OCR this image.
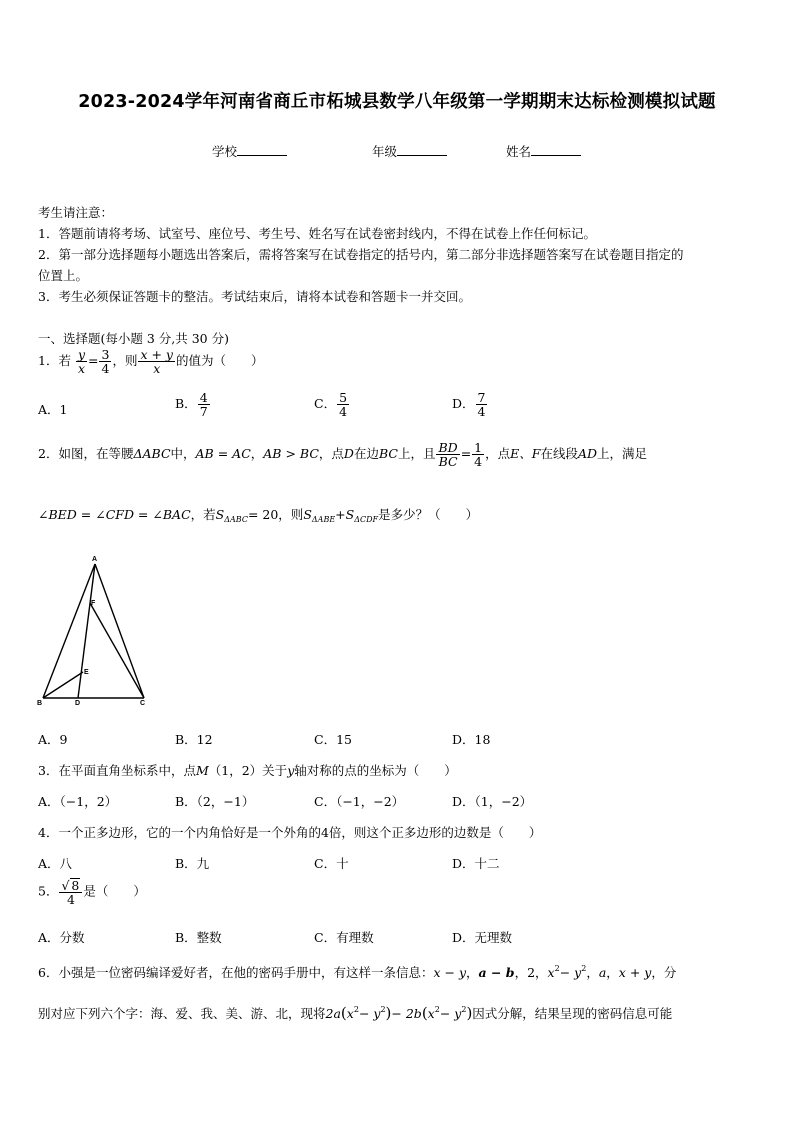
2023-2024学年河南省商丘市柘城县数学八年级第一学期期末达标检测模拟试题
学校	年级	姓名
考生请注意：
1．答题前请将考场、试室号、座位号、考生号、姓名写在试卷密封线内，不得在试卷上作任何标记。
2．第一部分选择题每小题选出答案后，需将答案写在试卷指定的括号内，第二部分非选择题答案写在试卷题目指定的
位置上。
3．考生必须保证答题卡的整洁。考试结束后，请将本试卷和答题卡一并交回。
一、选择题(每小题 3 分,共 30 分)
1．若 $\frac{y}{x} = \frac{3}{4}$ ，则 $\frac{x + y}{x}$ 的值为（　　）
A．1	B． $\frac{4}{7}$	C． $\frac{5}{4}$	D． $\frac{7}{4}$
2．如图，在等腰ΔABC中，AB = AC，AB > BC，点D在边BC上，且 $\frac{BD}{BC} = \frac{1}{4}$ ，点E、F在线段AD上，满足
∠BED = ∠CFD = ∠BAC，若$S_{\Delta ABC}= 20$，则$S_{\Delta ABE}+S_{\Delta CDF}$是多少？（　　）
A
B	C
D
E
F
A．9	B．12	C．15	D．18
3．在平面直角坐标系中，点M（1，2）关于y轴对称的点的坐标为（　　）
A．（−1，2）	B．（2，−1）	C．（−1，−2）	D．（1，−2）
4．一个正多边形，它的一个内角恰好是一个外角的4倍，则这个正多边形的边数是（　　）
A．八	B．九	C．十	D．十二
5． $\frac{√ 8}{4}$ 是（　　）
A．分数	B．整数	C．有理数	D．无理数
6．小强是一位密码编译爱好者，在他的密码手册中，有这样一条信息：x − y，a − b，2，$x^2- y^2$，a，x + y，分
别对应下列六个字：海、爱、我、美、游、北，现将$2a(x^2- y^2)- 2b(x^2- y^2)$因式分解，结果呈现的密码信息可能
